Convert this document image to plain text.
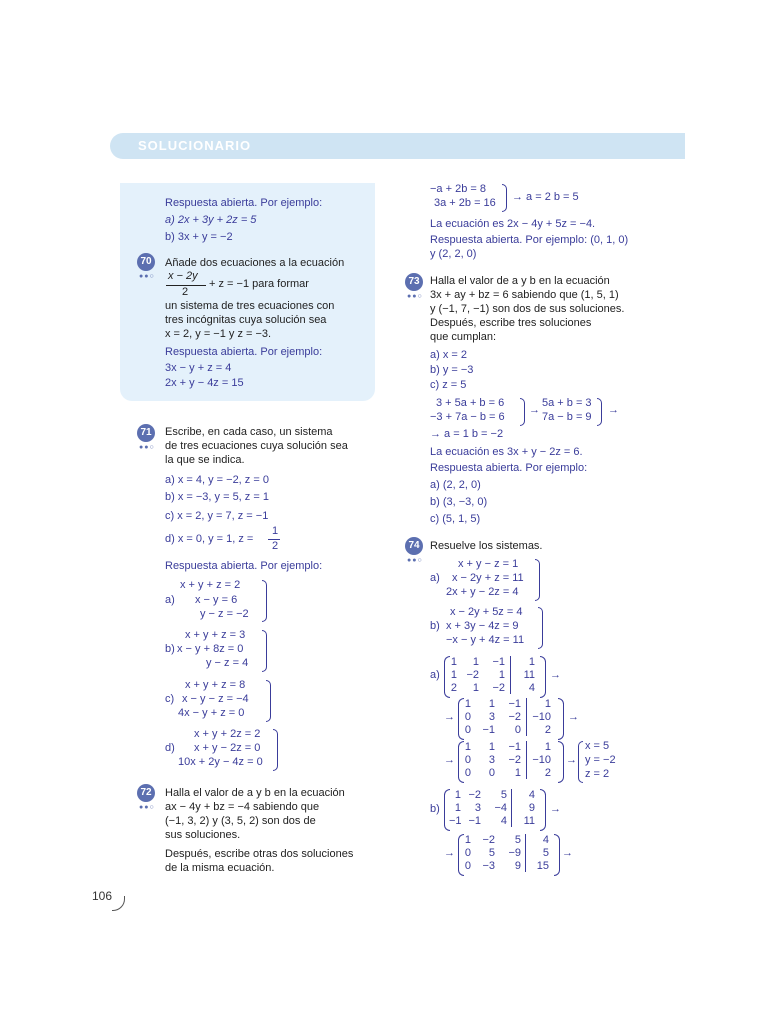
SOLUCIONARIO
Respuesta abierta. Por ejemplo:
a) 2x + 3y + 2z = 5
b) 3x + y = −2
70
●●○
Añade dos ecuaciones a la ecuación
x − 2y
2
+ z = −1 para formar
un sistema de tres ecuaciones con
tres incógnitas cuya solución sea
x = 2, y = −1 y z = −3.
Respuesta abierta. Por ejemplo:
3x − y + z = 4
2x + y − 4z = 15
71
●●○
Escribe, en cada caso, un sistema
de tres ecuaciones cuya solución sea
la que se indica.
a) x = 4, y = −2, z = 0
b) x = −3, y = 5, z = 1
c) x = 2, y = 7, z = −1
d) x = 0, y = 1, z =
1
2
Respuesta abierta. Por ejemplo:
a)
x + y + z = 2
x − y = 6
y − z = −2
b)
x + y + z = 3
x − y + 8z = 0
y − z = 4
c)
x + y + z = 8
x − y − z = −4
4x − y + z = 0
d)
x + y + 2z = 2
x + y − 2z = 0
10x + 2y − 4z = 0
72
●●○
Halla el valor de a y b en la ecuación
ax − 4y + bz = −4 sabiendo que
(−1, 3, 2) y (3, 5, 2) son dos de
sus soluciones.
Después, escribe otras dos soluciones
de la misma ecuación.
−a + 2b = 8
3a + 2b = 16 → a = 2 b = 5
La ecuación es 2x − 4y + 5z = −4.
Respuesta abierta. Por ejemplo: (0, 1, 0)
y (2, 2, 0)
73
●●○
Halla el valor de a y b en la ecuación
3x + ay + bz = 6 sabiendo que (1, 5, 1)
y (−1, 7, −1) son dos de sus soluciones.
Después, escribe tres soluciones
que cumplan:
a) x = 2
b) y = −3
c) z = 5
3 + 5a + b = 6
−3 + 7a − b = 6
→
5a + b = 3
7a − b = 9
→
→ a = 1 b = −2
La ecuación es 3x + y − 2z = 6.
Respuesta abierta. Por ejemplo:
a) (2, 2, 0)
b) (3, −3, 0)
c) (5, 1, 5)
74
●●○
Resuelve los sistemas.
a)
x + y − z = 1
x − 2y + z = 11
2x + y − 2z = 4
b)
x − 2y + 5z = 4
x + 3y − 4z = 9
−x − y + 4z = 11
a)
1	1	−1	1
1 −2	1	11
2	1	−2	4
→
→
1	1	−1	1
0	3	−2	−10
0	−1	0	2
→
→
1	1	−1	1
0	3	−2	−10
0	0	1	2
→
x = 5
y = −2
z = 2
b)
1 −2	5	4
1	3	−4	9
−1 −1	4	11
→
→
1	−2	5	4
0	5	−9	5
0	−3	9	15
→
106
